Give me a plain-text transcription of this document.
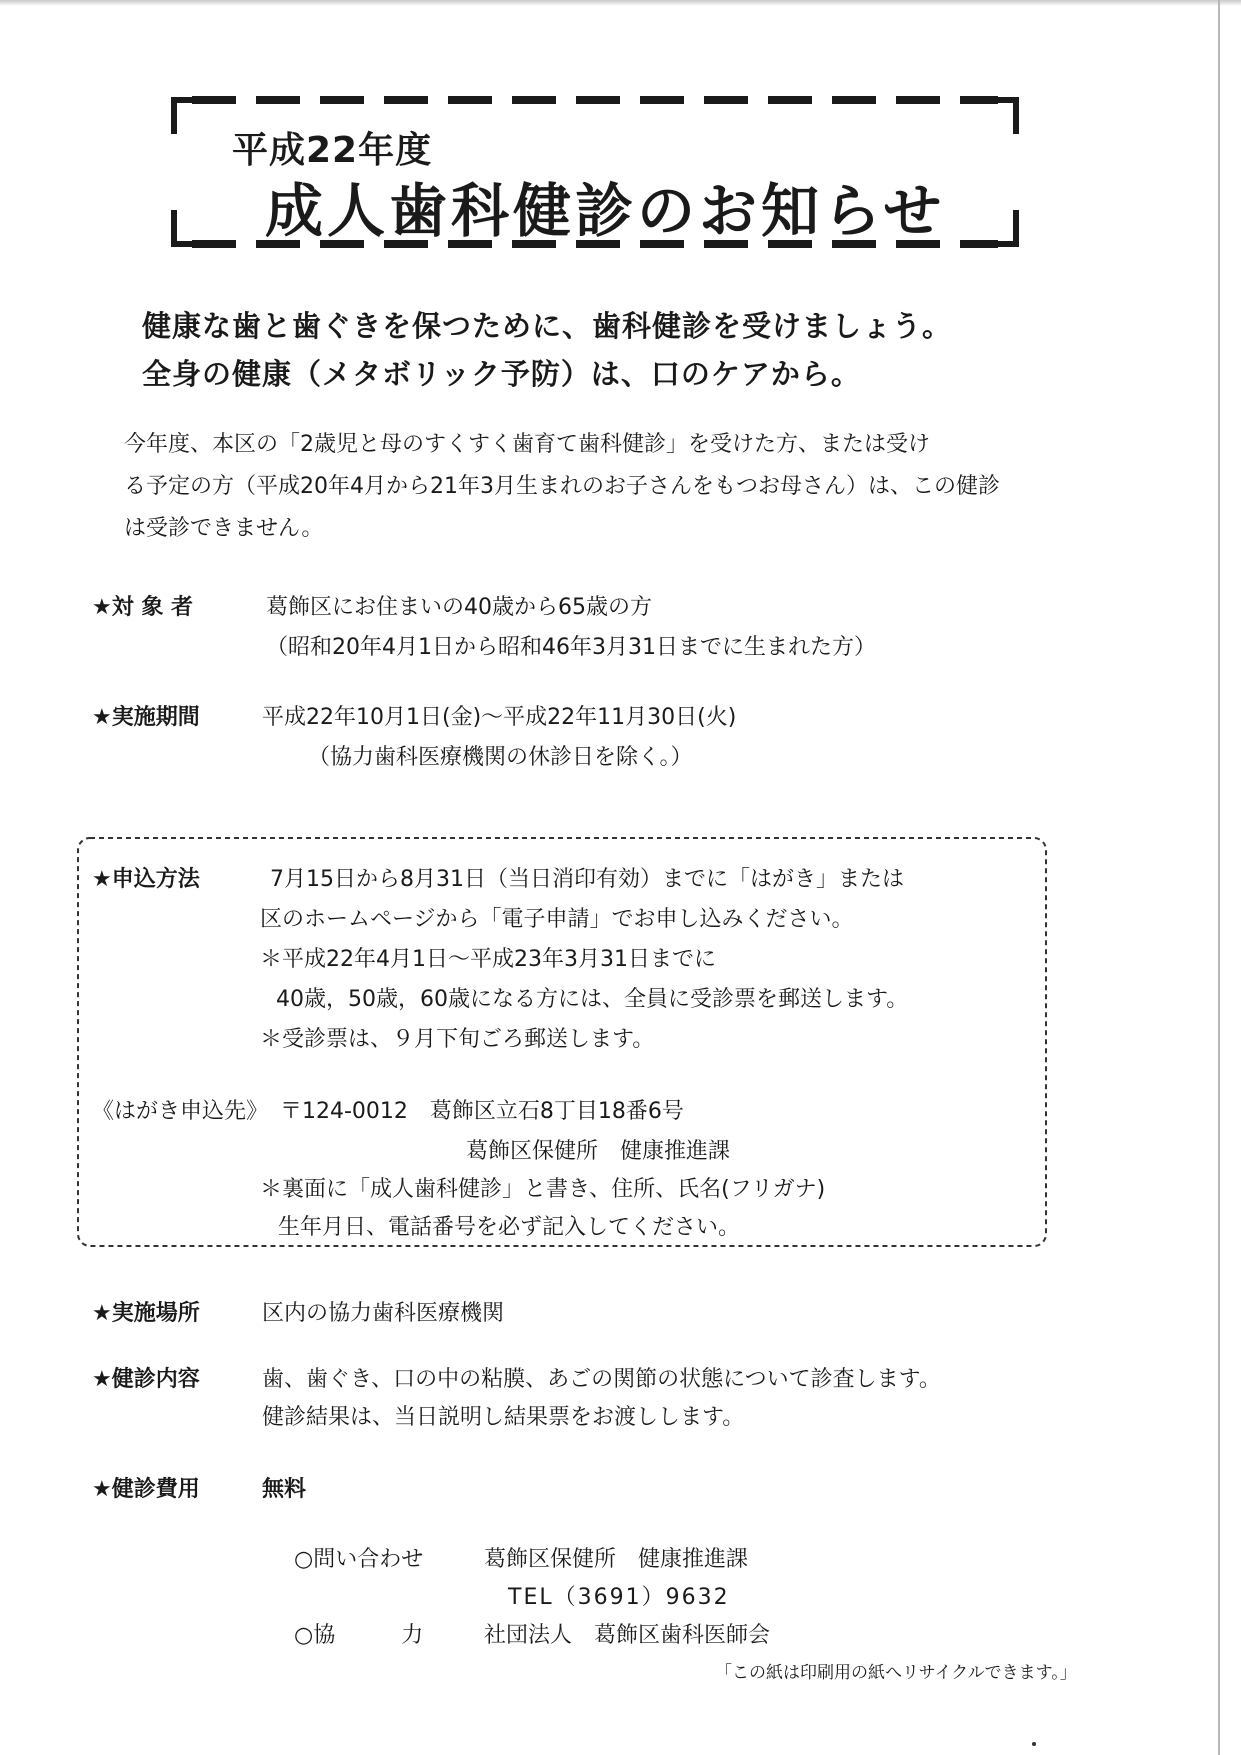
平成22年度
成人歯科健診のお知らせ
健康な歯と歯ぐきを保つために、歯科健診を受けましょう。
全身の健康（メタボリック予防）は、口のケアから。
今年度、本区の「2歳児と母のすくすく歯育て歯科健診」を受けた方、または受け
る予定の方（平成20年4月から21年3月生まれのお子さんをもつお母さん）は、この健診
は受診できません。
★対 象 者	葛飾区にお住まいの40歳から65歳の方
（昭和20年4月1日から昭和46年3月31日までに生まれた方）
★実施期間	平成22年10月1日(金)～平成22年11月30日(火)
（協力歯科医療機関の休診日を除く。）
★申込方法	7月15日から8月31日（当日消印有効）までに「はがき」または
区のホームページから「電子申請」でお申し込みください。
＊平成22年4月1日～平成23年3月31日までに
40歳，50歳，60歳になる方には、全員に受診票を郵送します。
＊受診票は、９月下旬ごろ郵送します。
《はがき申込先》 〒124-0012　葛飾区立石8丁目18番6号
葛飾区保健所　健康推進課
＊裏面に「成人歯科健診」と書き、住所、氏名(フリガナ)
生年月日、電話番号を必ず記入してください。
★実施場所	区内の協力歯科医療機関
★健診内容	歯、歯ぐき、口の中の粘膜、あごの関節の状態について診査します。
健診結果は、当日説明し結果票をお渡しします。
★健診費用	無料
○問い合わせ	葛飾区保健所　健康推進課
TEL（3691）9632
○協　　　力	社団法人　葛飾区歯科医師会
「この紙は印刷用の紙へリサイクルできます。」
